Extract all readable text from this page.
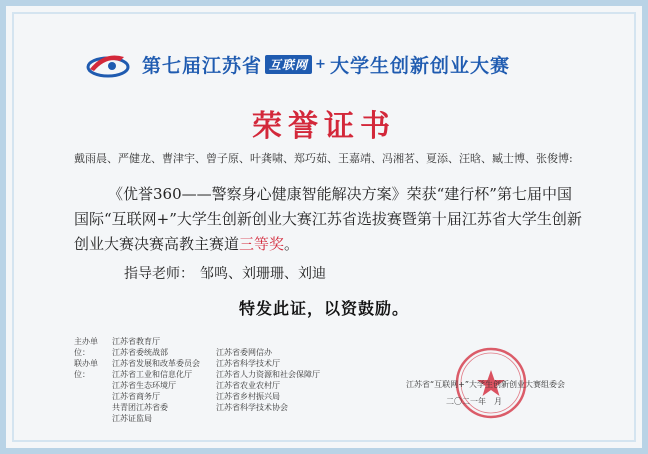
第七届江苏省 互联网 + 大学生创新创业大赛
荣誉证书
戴雨晨、严健龙、曹津宇、曾子原、叶龚啸、郑巧茹、王嘉靖、冯湘茗、夏添、汪晗、臧士博、张俊博:
《优誉360——警察身心健康智能解决方案》荣获“建行杯”第七届中国国际“互联网+”大学生创新创业大赛江苏省选拔赛暨第十届江苏省大学生创新创业大赛决赛高教主赛道三等奖。
指导老师： 邹鸣、刘珊珊、刘迪
特发此证，以资鼓励。
主办单位：
江苏省教育厅
联办单位：
江苏省委统战部
江苏省发展和改革委员会
江苏省工业和信息化厅
江苏省生态环境厅
江苏省商务厅
共青团江苏省委
江苏证监局
江苏省委网信办
江苏省科学技术厅
江苏省人力资源和社会保障厅
江苏省农业农村厅
江苏省乡村振兴局
江苏省科学技术协会
江苏省“互联网+”大学生创新创业大赛组委会
二〇二一年　月
